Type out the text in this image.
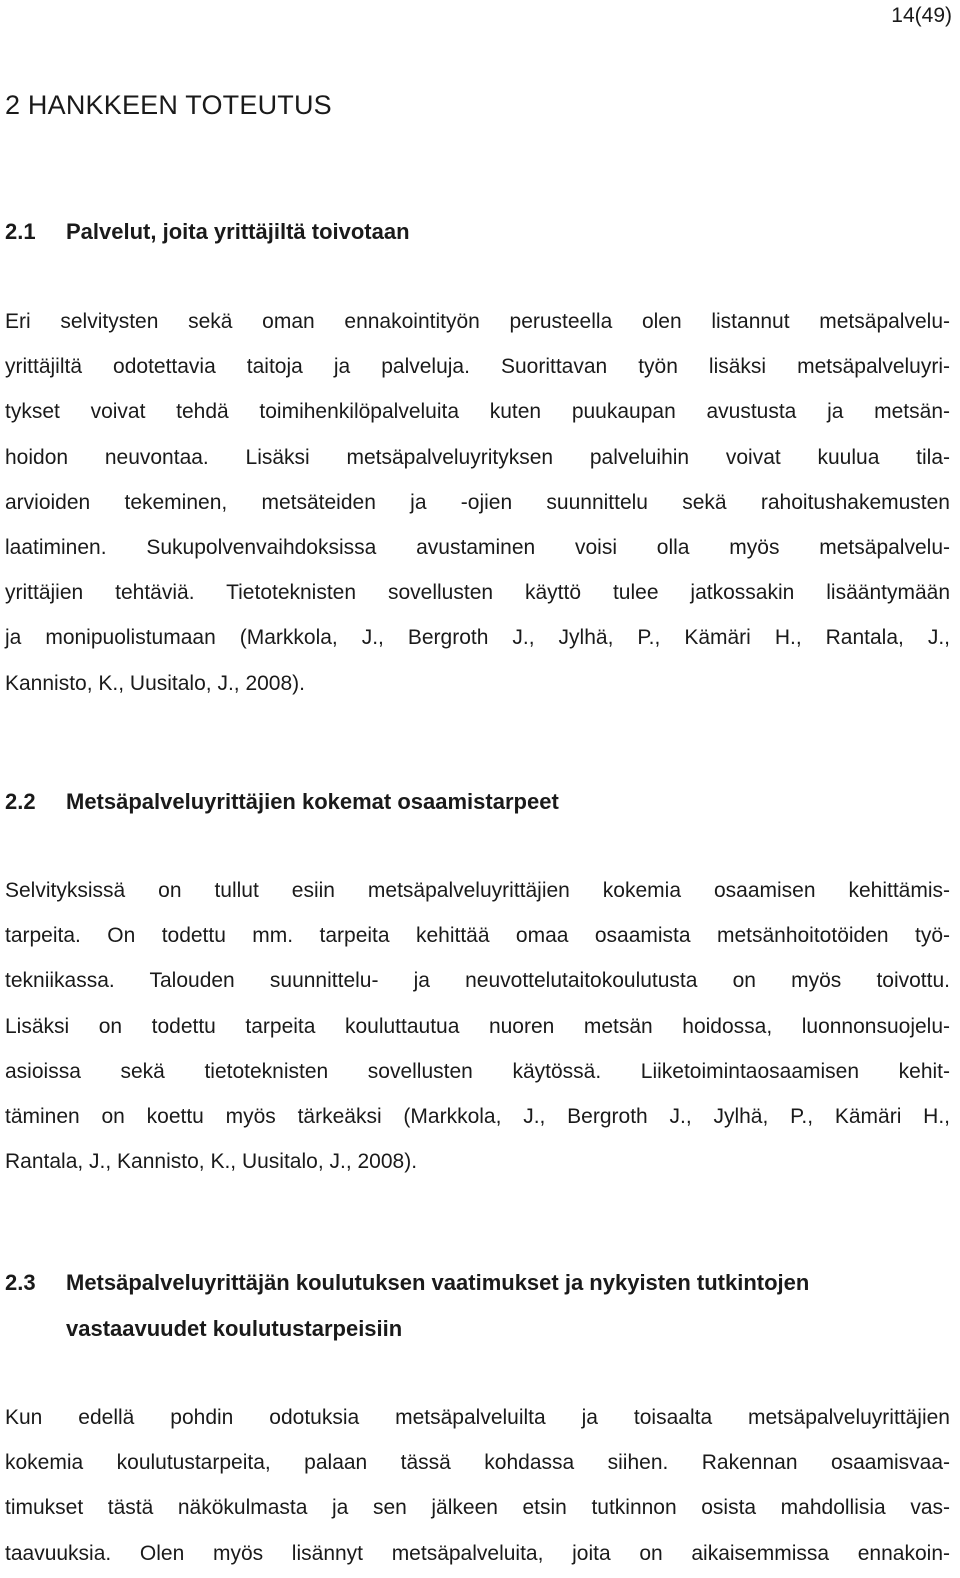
14(49)
2 HANKKEEN TOTEUTUS
2.1	Palvelut, joita yrittäjiltä toivotaan
Eri selvitysten sekä oman ennakointityön perusteella olen listannut metsäpalvelu-
yrittäjiltä odotettavia taitoja ja palveluja. Suorittavan työn lisäksi metsäpalveluyri-
tykset voivat tehdä toimihenkilöpalveluita kuten puukaupan avustusta ja metsän-
hoidon neuvontaa. Lisäksi metsäpalveluyrityksen palveluihin voivat kuulua tila-
arvioiden tekeminen, metsäteiden ja -ojien suunnittelu sekä rahoitushakemusten
laatiminen. Sukupolvenvaihdoksissa avustaminen voisi olla myös metsäpalvelu-
yrittäjien tehtäviä. Tietoteknisten sovellusten käyttö tulee jatkossakin lisääntymään
ja monipuolistumaan (Markkola, J., Bergroth J., Jylhä, P., Kämäri H., Rantala, J.,
Kannisto, K., Uusitalo, J., 2008).
2.2	Metsäpalveluyrittäjien kokemat osaamistarpeet
Selvityksissä on tullut esiin metsäpalveluyrittäjien kokemia osaamisen kehittämis-
tarpeita. On todettu mm. tarpeita kehittää omaa osaamista metsänhoitotöiden työ-
tekniikassa. Talouden suunnittelu- ja neuvottelutaitokoulutusta on myös toivottu.
Lisäksi on todettu tarpeita kouluttautua nuoren metsän hoidossa, luonnonsuojelu-
asioissa sekä tietoteknisten sovellusten käytössä. Liiketoimintaosaamisen kehit-
täminen on koettu myös tärkeäksi (Markkola, J., Bergroth J., Jylhä, P., Kämäri H.,
Rantala, J., Kannisto, K., Uusitalo, J., 2008).
2.3	Metsäpalveluyrittäjän koulutuksen vaatimukset ja nykyisten tutkintojen
vastaavuudet koulutustarpeisiin
Kun edellä pohdin odotuksia metsäpalveluilta ja toisaalta metsäpalveluyrittäjien
kokemia koulutustarpeita, palaan tässä kohdassa siihen. Rakennan osaamisvaa-
timukset tästä näkökulmasta ja sen jälkeen etsin tutkinnon osista mahdollisia vas-
taavuuksia. Olen myös lisännyt metsäpalveluita, joita on aikaisemmissa ennakoin-
